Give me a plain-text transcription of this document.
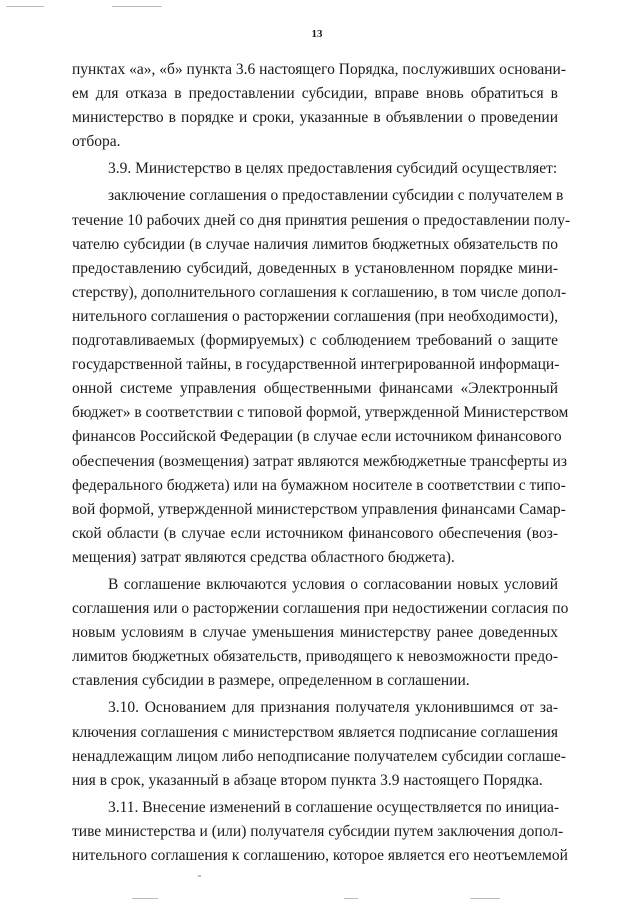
13
пунктах «а», «б» пункта 3.6 настоящего Порядка, послуживших основани-
ем для отказа в предоставлении субсидии, вправе вновь обратиться в
министерство в порядке и сроки, указанные в объявлении о проведении
отбора.
3.9. Министерство в целях предоставления субсидий осуществляет:
заключение соглашения о предоставлении субсидии с получателем в
течение 10 рабочих дней со дня принятия решения о предоставлении полу-
чателю субсидии (в случае наличия лимитов бюджетных обязательств по
предоставлению субсидий, доведенных в установленном порядке мини-
стерству), дополнительного соглашения к соглашению, в том числе допол-
нительного соглашения о расторжении соглашения (при необходимости),
подготавливаемых (формируемых) с соблюдением требований о защите
государственной тайны, в государственной интегрированной информаци-
онной системе управления общественными финансами «Электронный
бюджет» в соответствии с типовой формой, утвержденной Министерством
финансов Российской Федерации (в случае если источником финансового
обеспечения (возмещения) затрат являются межбюджетные трансферты из
федерального бюджета) или на бумажном носителе в соответствии с типо-
вой формой, утвержденной министерством управления финансами Самар-
ской области (в случае если источником финансового обеспечения (воз-
мещения) затрат являются средства областного бюджета).
В соглашение включаются условия о согласовании новых условий
соглашения или о расторжении соглашения при недостижении согласия по
новым условиям в случае уменьшения министерству ранее доведенных
лимитов бюджетных обязательств, приводящего к невозможности предо-
ставления субсидии в размере, определенном в соглашении.
3.10. Основанием для признания получателя уклонившимся от за-
ключения соглашения с министерством является подписание соглашения
ненадлежащим лицом либо неподписание получателем субсидии соглаше-
ния в срок, указанный в абзаце втором пункта 3.9 настоящего Порядка.
3.11. Внесение изменений в соглашение осуществляется по инициа-
тиве министерства и (или) получателя субсидии путем заключения допол-
нительного соглашения к соглашению, которое является его неотъемлемой
